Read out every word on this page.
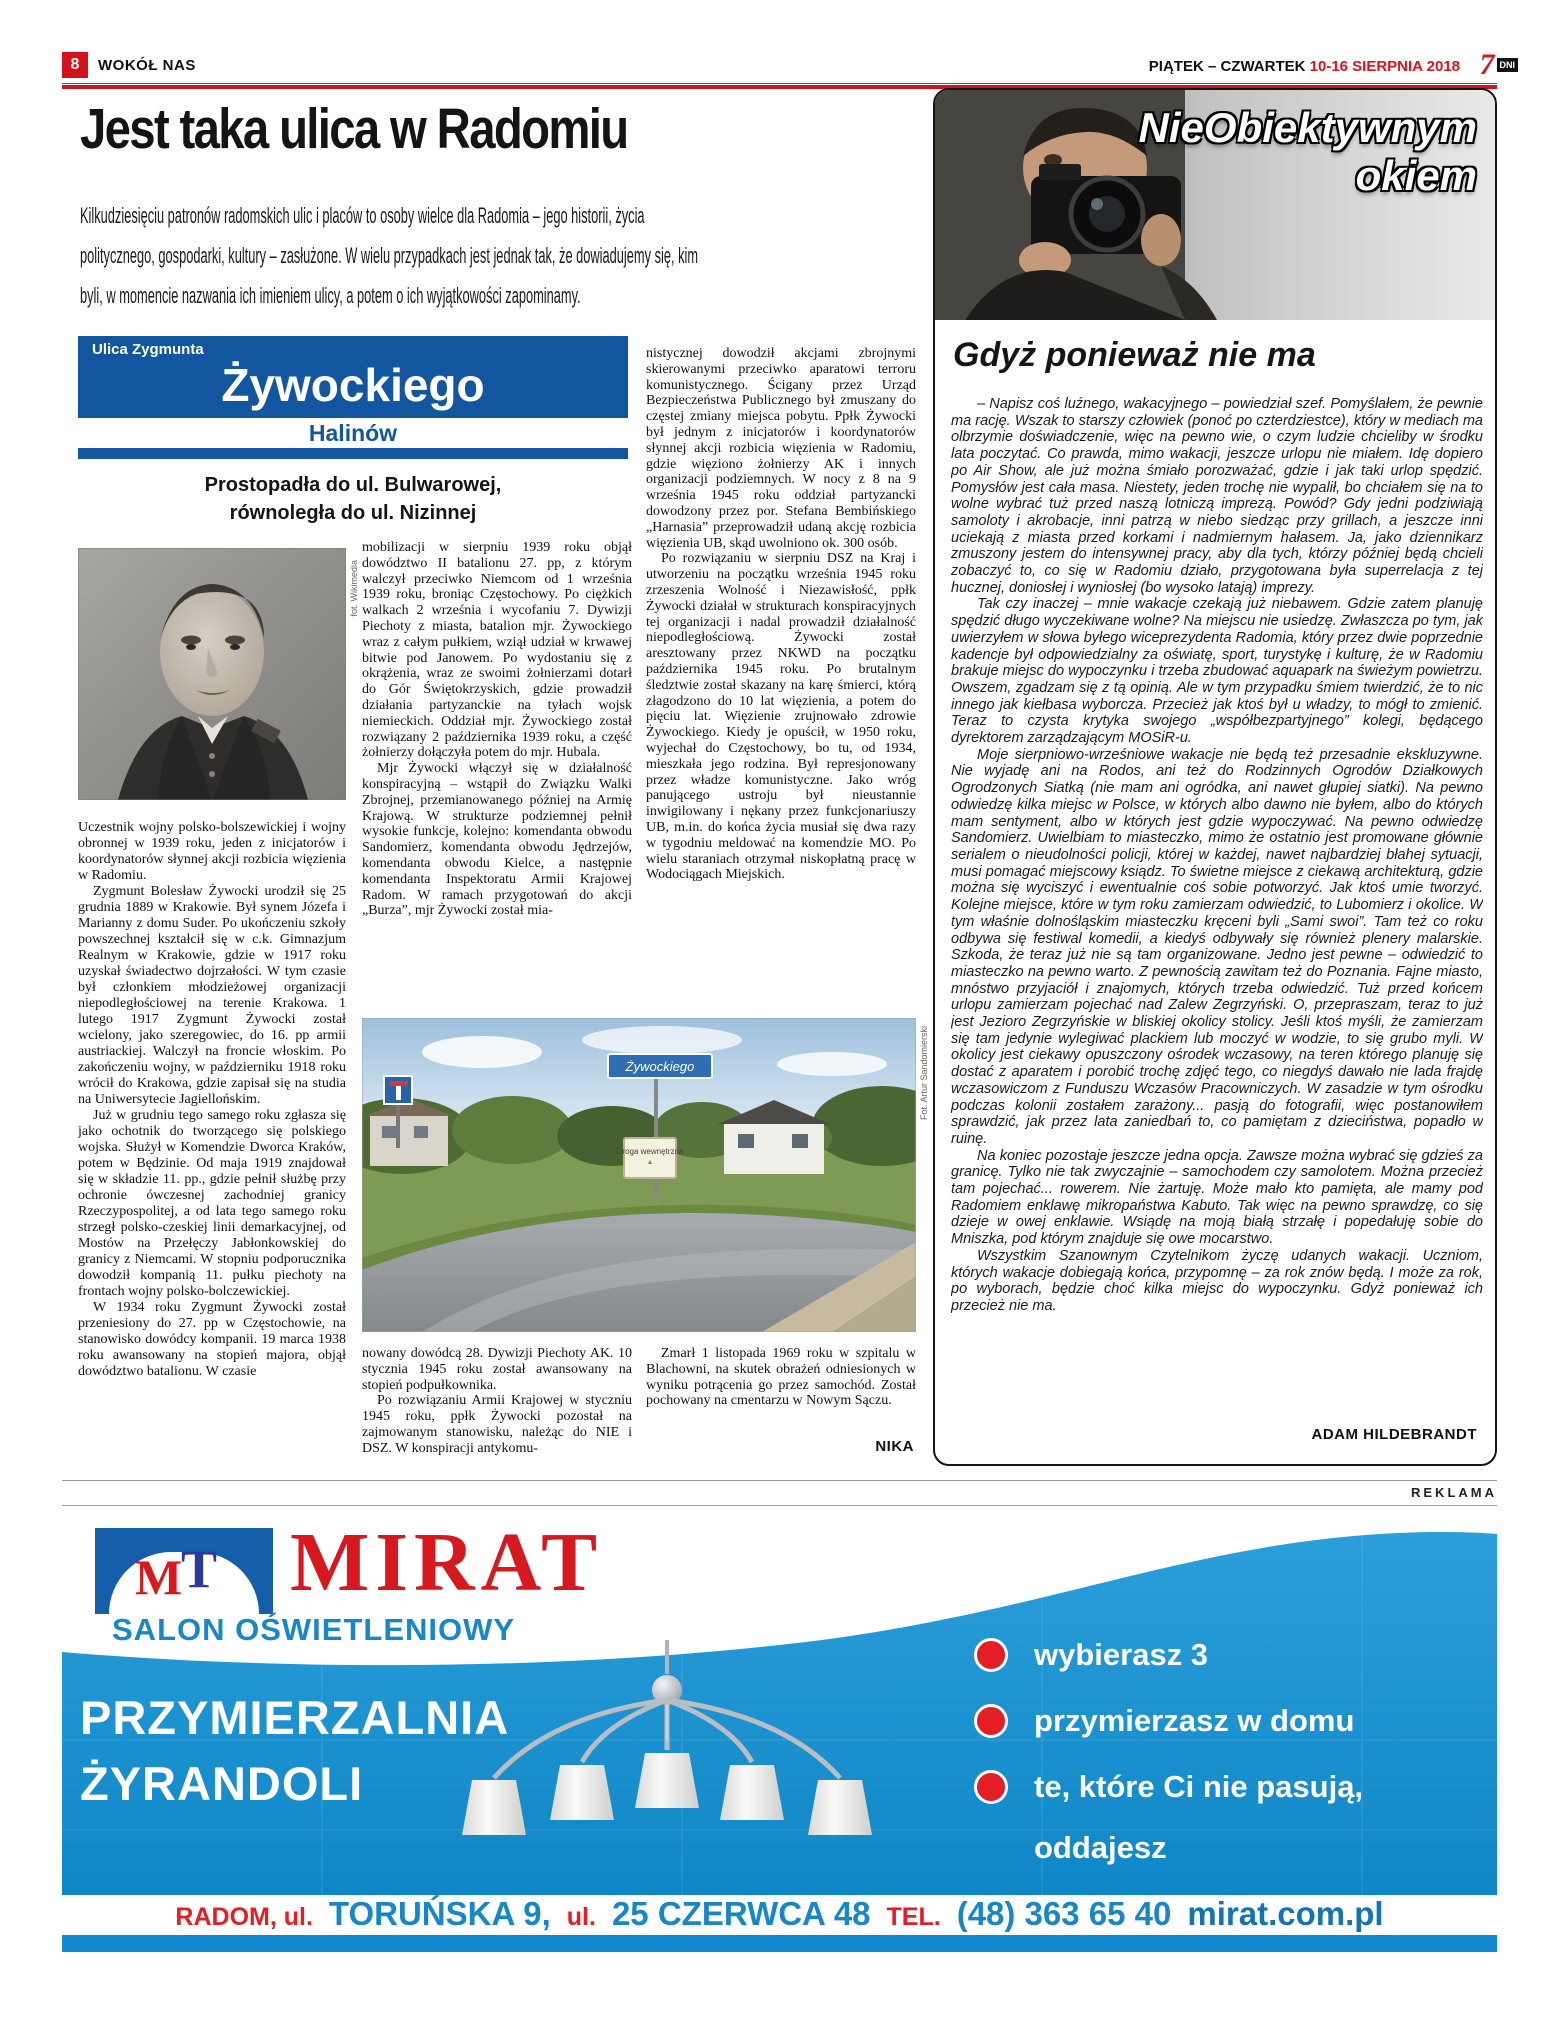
8	WOKÓŁ NAS	PIĄTEK – CZWARTEK 10-16 SIERPNIA 2018 7 DNI
Jest taka ulica w Radomiu
Kilkudziesięciu patronów radomskich ulic i placów to osoby wielce dla Radomia – jego historii, życia politycznego, gospodarki, kultury – zasłużone. W wielu przypadkach jest jednak tak, że dowiadujemy się, kim byli, w momencie nazwania ich imieniem ulicy, a potem o ich wyjątkowości zapominamy.
Ulica Zygmunta
Żywockiego
Halinów
Prostopadła do ul. Bulwarowej,
równoległa do ul. Nizinnej
fot. Wikimedia

Uczestnik wojny polsko-bolszewickiej i wojny obronnej w 1939 roku, jeden z inicjatorów i koordynatorów słynnej akcji rozbicia więzienia w Radomiu.

Zygmunt Bolesław Żywocki urodził się 25 grudnia 1889 w Krakowie. Był synem Józefa i Marianny z domu Suder. Po ukończeniu szkoły powszechnej kształcił się w c.k. Gimnazjum Realnym w Krakowie, gdzie w 1917 roku uzyskał świadectwo dojrzałości. W tym czasie był członkiem młodzieżowej organizacji niepodległościowej na terenie Krakowa. 1 lutego 1917 Zygmunt Żywocki został wcielony, jako szeregowiec, do 16. pp armii austriackiej. Walczył na froncie włoskim. Po zakończeniu wojny, w październiku 1918 roku wrócił do Krakowa, gdzie zapisał się na studia na Uniwersytecie Jagiellońskim.

Już w grudniu tego samego roku zgłasza się jako ochotnik do tworzącego się polskiego wojska. Służył w Komendzie Dworca Kraków, potem w Będzinie. Od maja 1919 znajdował się w składzie 11. pp., gdzie pełnił służbę przy ochronie ówczesnej zachodniej granicy Rzeczypospolitej, a od lata tego samego roku strzegł polsko-czeskiej linii demarkacyjnej, od Mostów na Przełęczy Jabłonkowskiej do granicy z Niemcami. W stopniu podporucznika dowodził kompanią 11. pułku piechoty na frontach wojny polsko-bolczewickiej.

W 1934 roku Zygmunt Żywocki został przeniesiony do 27. pp w Częstochowie, na stanowisko dowódcy kompanii. 19 marca 1938 roku awansowany na stopień majora, objął dowództwo batalionu. W czasie

mobilizacji w sierpniu 1939 roku objął dowództwo II batalionu 27. pp, z którym walczył przeciwko Niemcom od 1 września 1939 roku, broniąc Częstochowy. Po ciężkich walkach 2 września i wycofaniu 7. Dywizji Piechoty z miasta, batalion mjr. Żywockiego wraz z całym pułkiem, wziął udział w krwawej bitwie pod Janowem. Po wydostaniu się z okrążenia, wraz ze swoimi żołnierzami dotarł do Gór Świętokrzyskich, gdzie prowadził działania partyzanckie na tyłach wojsk niemieckich. Oddział mjr. Żywockiego został rozwiązany 2 października 1939 roku, a część żołnierzy dołączyła potem do mjr. Hubala.

Mjr Żywocki włączył się w działalność konspiracyjną – wstąpił do Związku Walki Zbrojnej, przemianowanego później na Armię Krajową. W strukturze podziemnej pełnił wysokie funkcje, kolejno: komendanta obwodu Sandomierz, komendanta obwodu Jędrzejów, komendanta obwodu Kielce, a następnie komendanta Inspektoratu Armii Krajowej Radom. W ramach przygotowań do akcji „Burza”, mjr Żywocki został mia-

nistycznej dowodził akcjami zbrojnymi skierowanymi przeciwko aparatowi terroru komunistycznego. Ścigany przez Urząd Bezpieczeństwa Publicznego był zmuszany do częstej zmiany miejsca pobytu. Ppłk Żywocki był jednym z inicjatorów i koordynatorów słynnej akcji rozbicia więzienia w Radomiu, gdzie więziono żołnierzy AK i innych organizacji podziemnych. W nocy z 8 na 9 września 1945 roku oddział partyzancki dowodzony przez por. Stefana Bembińskiego „Harnasia” przeprowadził udaną akcję rozbicia więzienia UB, skąd uwolniono ok. 300 osób.

Po rozwiązaniu w sierpniu DSZ na Kraj i utworzeniu na początku września 1945 roku zrzeszenia Wolność i Niezawisłość, ppłk Żywocki działał w strukturach konspiracyjnych tej organizacji i nadal prowadził działalność niepodległościową. Żywocki został aresztowany przez NKWD na początku października 1945 roku. Po brutalnym śledztwie został skazany na karę śmierci, którą złagodzono do 10 lat więzienia, a potem do pięciu lat. Więzienie zrujnowało zdrowie Żywockiego. Kiedy je opuścił, w 1950 roku, wyjechał do Częstochowy, bo tu, od 1934, mieszkała jego rodzina. Był represjonowany przez władze komunistyczne. Jako wróg panującego ustroju był nieustannie inwigilowany i nękany przez funkcjonariuszy UB, m.in. do końca życia musiał się dwa razy w tygodniu meldować na komendzie MO. Po wielu staraniach otrzymał niskopłatną pracę w Wodociągach Miejskich.

Żywockiego
Droga wewnętrzna
▲
Fot. Artur Sandomierski

nowany dowódcą 28. Dywizji Piechoty AK. 10 stycznia 1945 roku został awansowany na stopień podpułkownika.

Po rozwiązaniu Armii Krajowej w styczniu 1945 roku, ppłk Żywocki pozostał na zajmowanym stanowisku, należąc do NIE i DSZ. W konspiracji antykomu-

Zmarł 1 listopada 1969 roku w szpitalu w Blachowni, na skutek obrażeń odniesionych w wyniku potrącenia go przez samochód. Został pochowany na cmentarzu w Nowym Sączu.

NIKA
NieObiektywnym
okiem
Gdyż ponieważ nie ma

– Napisz coś luźnego, wakacyjnego – powiedział szef. Pomyślałem, że pewnie ma rację. Wszak to starszy człowiek (ponoć po czterdziestce), który w mediach ma olbrzymie doświadczenie, więc na pewno wie, o czym ludzie chcieliby w środku lata poczytać. Co prawda, mimo wakacji, jeszcze urlopu nie miałem. Idę dopiero po Air Show, ale już można śmiało porozważać, gdzie i jak taki urlop spędzić. Pomysłów jest cała masa. Niestety, jeden trochę nie wypalił, bo chciałem się na to wolne wybrać tuż przed naszą lotniczą imprezą. Powód? Gdy jedni podziwiają samoloty i akrobacje, inni patrzą w niebo siedząc przy grillach, a jeszcze inni uciekają z miasta przed korkami i nadmiernym hałasem. Ja, jako dziennikarz zmuszony jestem do intensywnej pracy, aby dla tych, którzy później będą chcieli zobaczyć to, co się w Radomiu działo, przygotowana była superrelacja z tej hucznej, doniosłej i wyniosłej (bo wysoko latają) imprezy.

Tak czy inaczej – mnie wakacje czekają już niebawem. Gdzie zatem planuję spędzić długo wyczekiwane wolne? Na miejscu nie usiedzę. Zwłaszcza po tym, jak uwierzyłem w słowa byłego wiceprezydenta Radomia, który przez dwie poprzednie kadencje był odpowiedzialny za oświatę, sport, turystykę i kulturę, że w Radomiu brakuje miejsc do wypoczynku i trzeba zbudować aquapark na świeżym powietrzu. Owszem, zgadzam się z tą opinią. Ale w tym przypadku śmiem twierdzić, że to nic innego jak kiełbasa wyborcza. Przecież jak ktoś był u władzy, to mógł to zmienić. Teraz to czysta krytyka swojego „współbezpartyjnego” kolegi, będącego dyrektorem zarządzającym MOSiR-u.

Moje sierpniowo-wrześniowe wakacje nie będą też przesadnie ekskluzywne. Nie wyjadę ani na Rodos, ani też do Rodzinnych Ogrodów Działkowych Ogrodzonych Siatką (nie mam ani ogródka, ani nawet głupiej siatki). Na pewno odwiedzę kilka miejsc w Polsce, w których albo dawno nie byłem, albo do których mam sentyment, albo w których jest gdzie wypoczywać. Na pewno odwiedzę Sandomierz. Uwielbiam to miasteczko, mimo że ostatnio jest promowane głównie serialem o nieudolności policji, której w każdej, nawet najbardziej błahej sytuacji, musi pomagać miejscowy ksiądz. To świetne miejsce z ciekawą architekturą, gdzie można się wyciszyć i ewentualnie coś sobie potworzyć. Jak ktoś umie tworzyć. Kolejne miejsce, które w tym roku zamierzam odwiedzić, to Lubomierz i okolice. W tym właśnie dolnośląskim miasteczku kręceni byli „Sami swoi”. Tam też co roku odbywa się festiwal komedii, a kiedyś odbywały się również plenery malarskie. Szkoda, że teraz już nie są tam organizowane. Jedno jest pewne – odwiedzić to miasteczko na pewno warto. Z pewnością zawitam też do Poznania. Fajne miasto, mnóstwo przyjaciół i znajomych, których trzeba odwiedzić. Tuż przed końcem urlopu zamierzam pojechać nad Zalew Zegrzyński. O, przepraszam, teraz to już jest Jezioro Zegrzyńskie w bliskiej okolicy stolicy. Jeśli ktoś myśli, że zamierzam się tam jedynie wylegiwać plackiem lub moczyć w wodzie, to się grubo myli. W okolicy jest ciekawy opuszczony ośrodek wczasowy, na teren którego planuję się dostać z aparatem i porobić trochę zdjęć tego, co niegdyś dawało nie lada frajdę wczasowiczom z Funduszu Wczasów Pracowniczych. W zasadzie w tym ośrodku podczas kolonii zostałem zarażony... pasją do fotografii, więc postanowiłem sprawdzić, jak przez lata zaniedbań to, co pamiętam z dzieciństwa, popadło w ruinę.

Na koniec pozostaje jeszcze jedna opcja. Zawsze można wybrać się gdzieś za granicę. Tylko nie tak zwyczajnie – samochodem czy samolotem. Można przecież tam pojechać... rowerem. Nie żartuję. Może mało kto pamięta, ale mamy pod Radomiem enklawę mikropaństwa Kabuto. Tak więc na pewno sprawdzę, co się dzieje w owej enklawie. Wsiądę na moją białą strzałę i popedałuję sobie do Mniszka, pod którym znajduje się owe mocarstwo.

Wszystkim Szanownym Czytelnikom życzę udanych wakacji. Uczniom, których wakacje dobiegają końca, przypomnę – za rok znów będą. I może za rok, po wyborach, będzie choć kilka miejsc do wypoczynku. Gdyż ponieważ ich przecież nie ma.

ADAM HILDEBRANDT
REKLAMA
M
T MIRAT
SALON OŚWIETLENIOWY
PRZYMIERZALNIA
ŻYRANDOLI
wybierasz 3
przymierzasz w domu
te, które Ci nie pasują,
oddajesz
RADOM, ul. TORUŃSKA 9, ul. 25 CZERWCA 48 TEL. (48) 363 65 40 mirat.com.pl
